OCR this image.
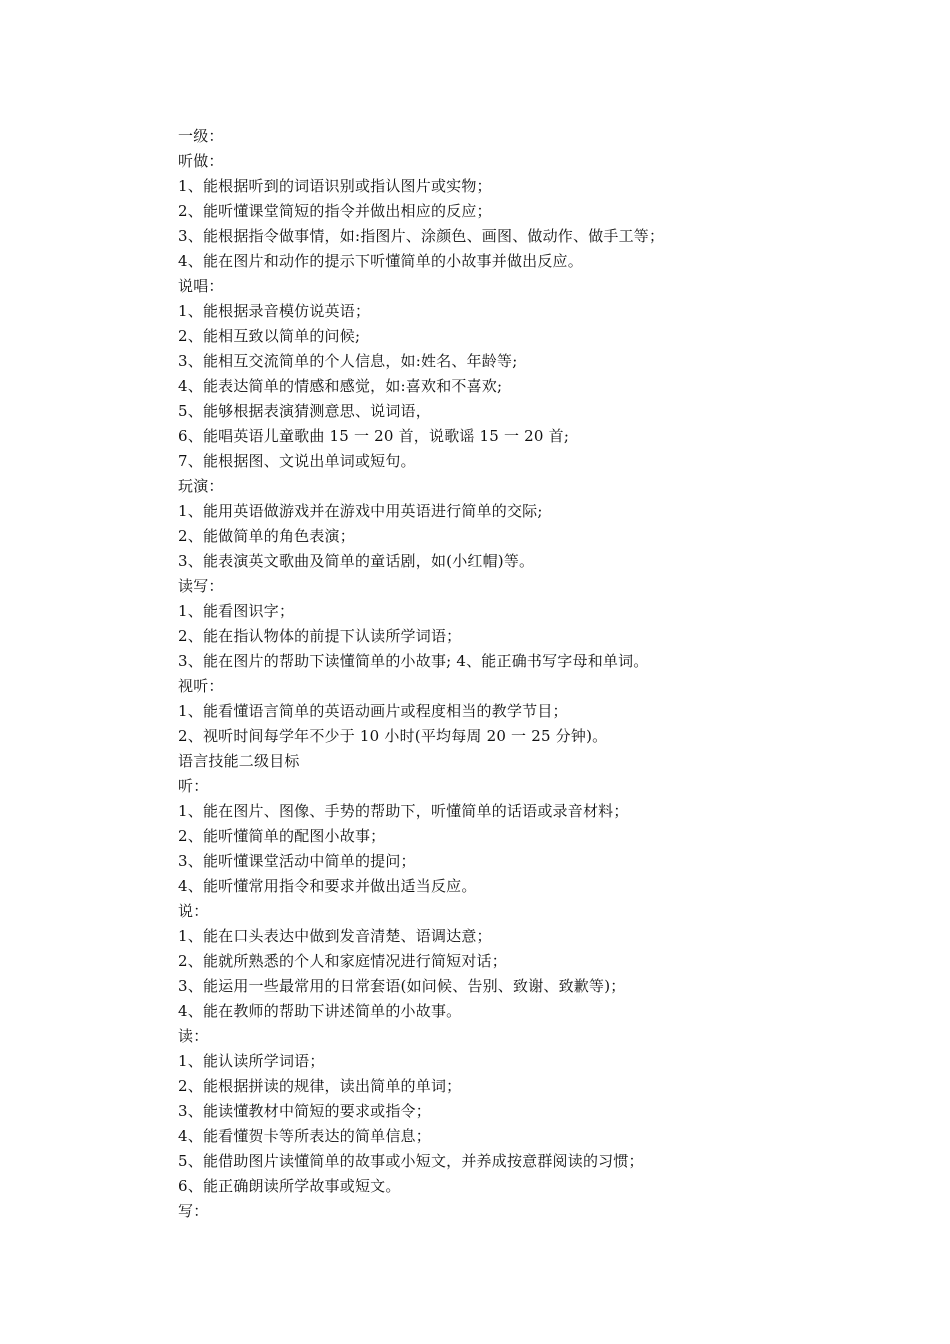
一级：
听做：
1、能根据听到的词语识别或指认图片或实物；
2、能听懂课堂简短的指令并做出相应的反应；
3、能根据指令做事情，如:指图片、涂颜色、画图、做动作、做手工等；
4、能在图片和动作的提示下听懂简单的小故事并做出反应。
说唱：
1、能根据录音模仿说英语；
2、能相互致以简单的问候;
3、能相互交流简单的个人信息，如:姓名、年龄等;
4、能表达简单的情感和感觉，如:喜欢和不喜欢;
5、能够根据表演猜测意思、说词语，
6、能唱英语儿童歌曲 15 一 20 首，说歌谣 15 一 20 首;
7、能根据图、文说出单词或短句。
玩演：
1、能用英语做游戏并在游戏中用英语进行简单的交际;
2、能做简单的角色表演；
3、能表演英文歌曲及简单的童话剧，如(小红帽)等。
读写：
1、能看图识字；
2、能在指认物体的前提下认读所学词语；
3、能在图片的帮助下读懂简单的小故事; 4、能正确书写字母和单词。
视听：
1、能看懂语言简单的英语动画片或程度相当的教学节目；
2、视听时间每学年不少于 10 小时(平均每周 20 一 25 分钟)。
语言技能二级目标
听：
1、能在图片、图像、手势的帮助下，听懂简单的话语或录音材料；
2、能听懂简单的配图小故事；
3、能听懂课堂活动中简单的提问；
4、能听懂常用指令和要求并做出适当反应。
说：
1、能在口头表达中做到发音清楚、语调达意；
2、能就所熟悉的个人和家庭情况进行简短对话；
3、能运用一些最常用的日常套语(如问候、告别、致谢、致歉等)；
4、能在教师的帮助下讲述简单的小故事。
读：
1、能认读所学词语；
2、能根据拼读的规律，读出简单的单词；
3、能读懂教材中简短的要求或指令；
4、能看懂贺卡等所表达的简单信息；
5、能借助图片读懂简单的故事或小短文，并养成按意群阅读的习惯；
6、能正确朗读所学故事或短文。
写：
